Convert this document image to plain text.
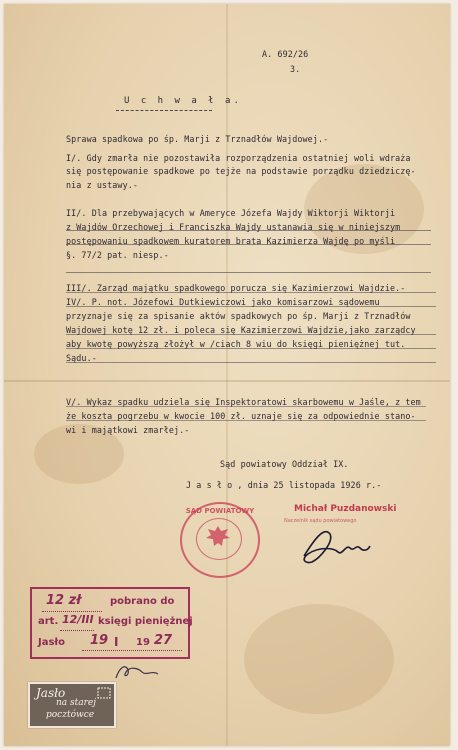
A. 692/26
3.
U c h w a ł a.
Sprawa spadkowa po śp. Marji z Trznadłów Wajdowej.-
I/. Gdy zmarła nie pozostawiła rozporządzenia ostatniej woli wdraża
się postępowanie spadkowe po tejże na podstawie porządku dziedziczę-
nia z ustawy.-
II/. Dla przebywających w Ameryce Józefa Wajdy Wiktorji Wiktorji
z Wajdów Orzechowej i Franciszka Wajdy ustanawia się w niniejszym
postępowaniu spadkowem kuratorem brata Kazimierza Wajdę po myśli
§. 77/2 pat. niesp.-
III/. Zarząd majątku spadkowego porucza się Kazimierzowi Wajdzie.-
IV/. P. not. Józefowi Dutkiewiczowi jako komisarzowi sądowemu
przyznaje się za spisanie aktów spadkowych po śp. Marji z Trznadłów
Wajdowej kotę 12 zł. i poleca się Kazimierzowi Wajdzie,jako zarządcy
aby kwotę powyższą złożył w /ciach 8 wiu do księgi pieniężnej tut.
Sądu.-
V/. Wykaz spadku udziela się Inspektoratowi skarbowemu w Jaśle, z tem
że koszta pogrzebu w kwocie 100 zł. uznaje się za odpowiednie stano-
wi i majątkowi zmarłej.-
Sąd powiatowy Oddział IX.
J a s ł o , dnia 25 listopada 1926 r.-
Michał Puzdanowski
Naczelnik sądu powiatowego
SĄD POWIATOWY
12 zł	pobrano do
art. 12/III księgi pieniężnej
Jasło 19 I 19 27
Jasło
na starej
pocztówce
